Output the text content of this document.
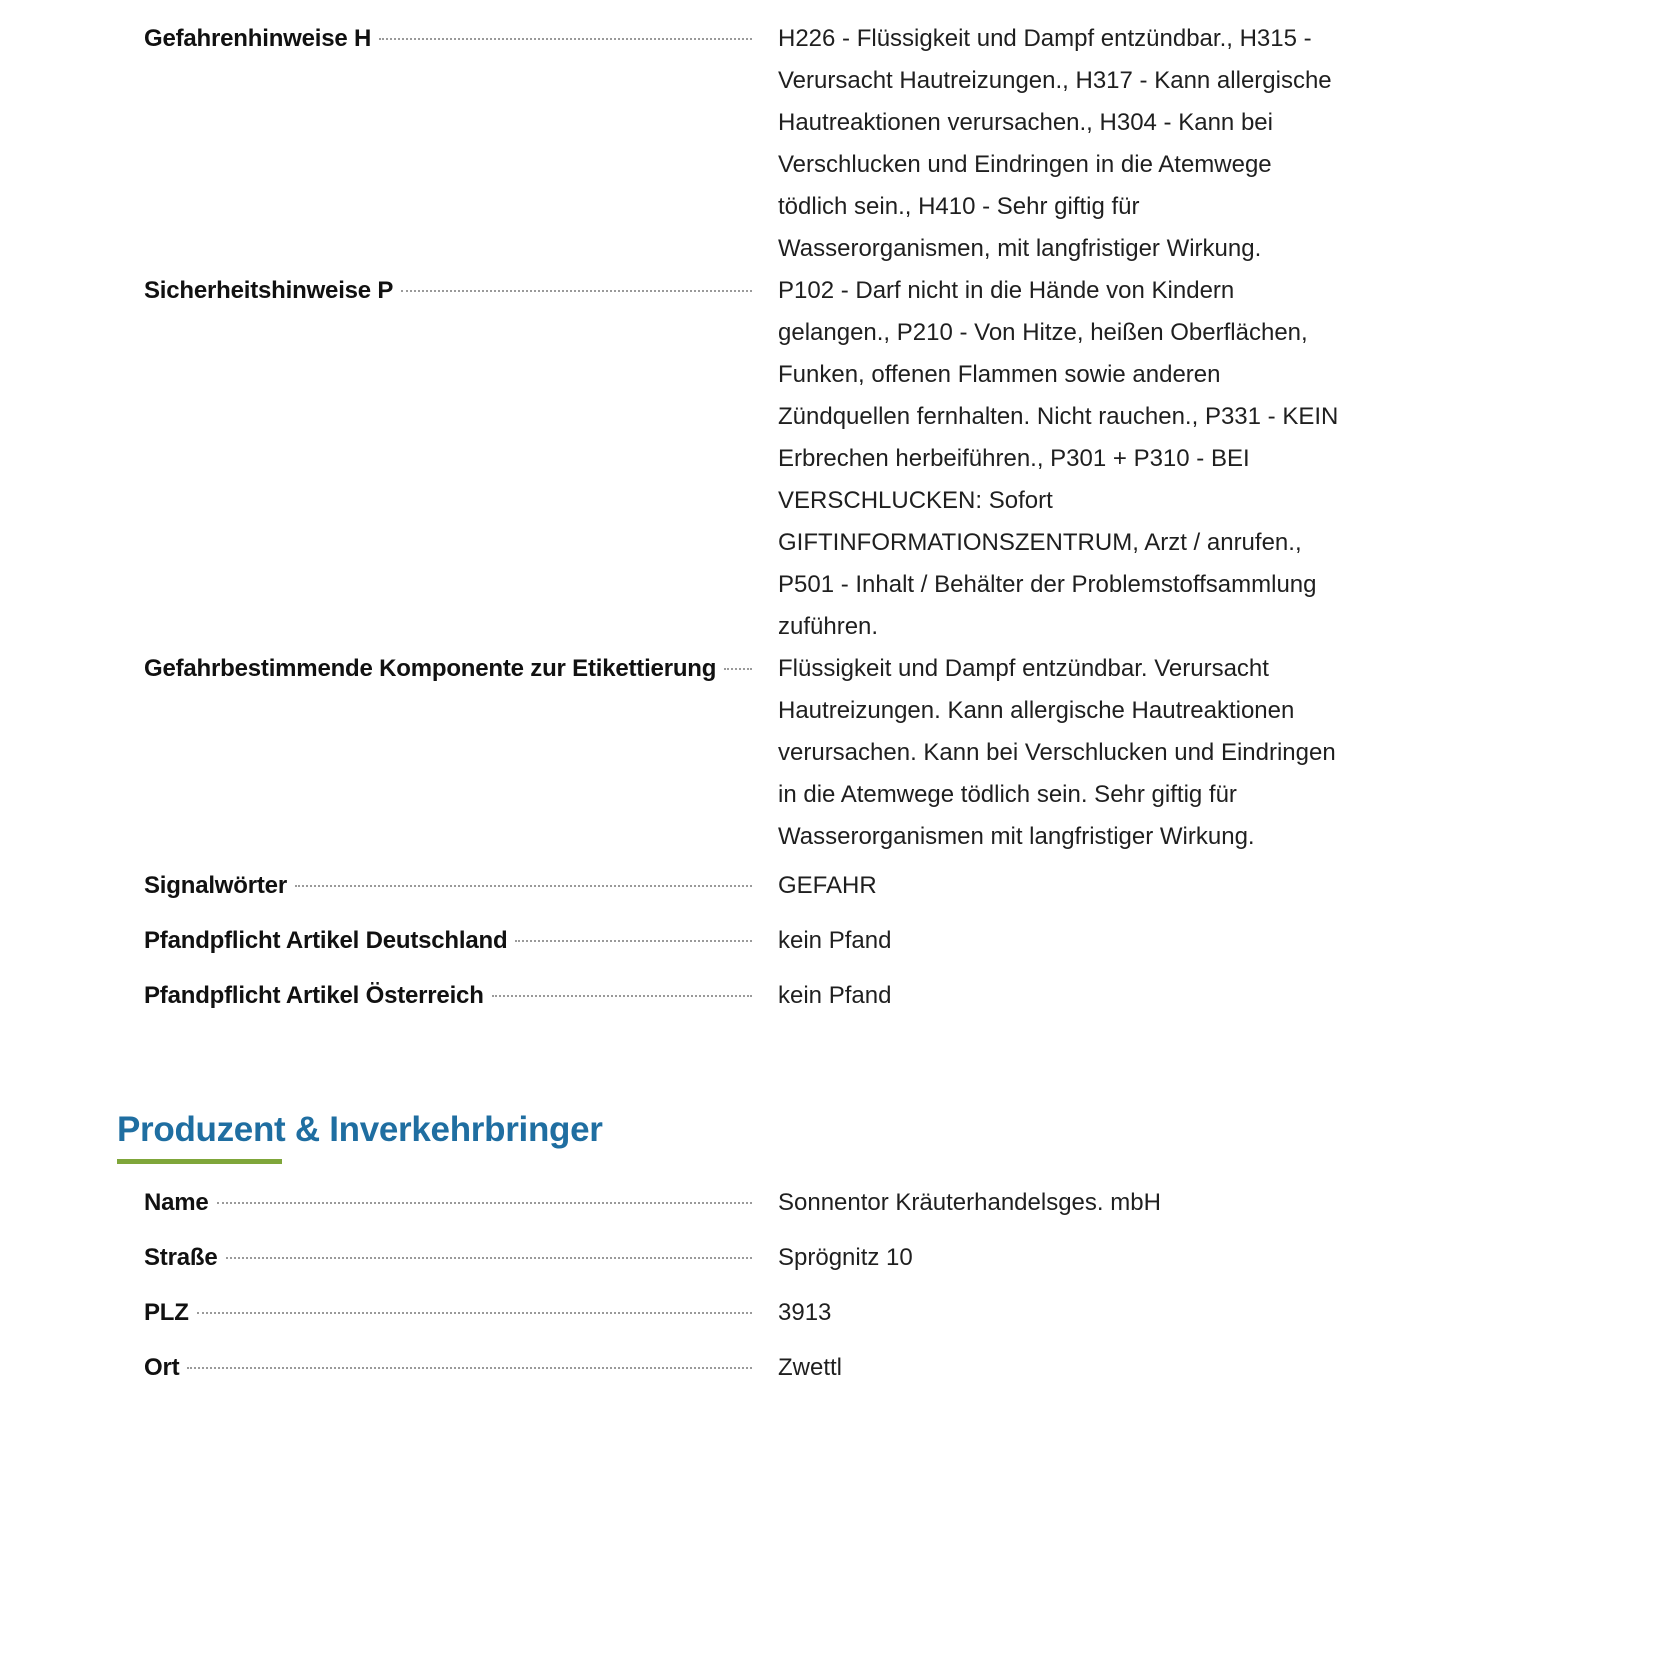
Gefahrenhinweise H	H226 - Flüssigkeit und Dampf entzündbar., H315 - Verursacht Hautreizungen., H317 - Kann allergische Hautreaktionen verursachen., H304 - Kann bei Verschlucken und Eindringen in die Atemwege tödlich sein., H410 - Sehr giftig für Wasserorganismen, mit langfristiger Wirkung.
Sicherheitshinweise P	P102 - Darf nicht in die Hände von Kindern gelangen., P210 - Von Hitze, heißen Oberflächen, Funken, offenen Flammen sowie anderen Zündquellen fernhalten. Nicht rauchen., P331 - KEIN Erbrechen herbeiführen., P301 + P310 - BEI VERSCHLUCKEN: Sofort GIFTINFORMATIONSZENTRUM, Arzt / anrufen., P501 - Inhalt / Behälter der Problemstoffsammlung zuführen.
Gefahrbestimmende Komponente zur Etikettierung	Flüssigkeit und Dampf entzündbar. Verursacht Hautreizungen. Kann allergische Hautreaktionen verursachen. Kann bei Verschlucken und Eindringen in die Atemwege tödlich sein. Sehr giftig für Wasserorganismen mit langfristiger Wirkung.
Signalwörter	GEFAHR
Pfandpflicht Artikel Deutschland	kein Pfand
Pfandpflicht Artikel Österreich	kein Pfand
Produzent & Inverkehrbringer
Name	Sonnentor Kräuterhandelsges. mbH
Straße	Sprögnitz 10
PLZ	3913
Ort	Zwettl
